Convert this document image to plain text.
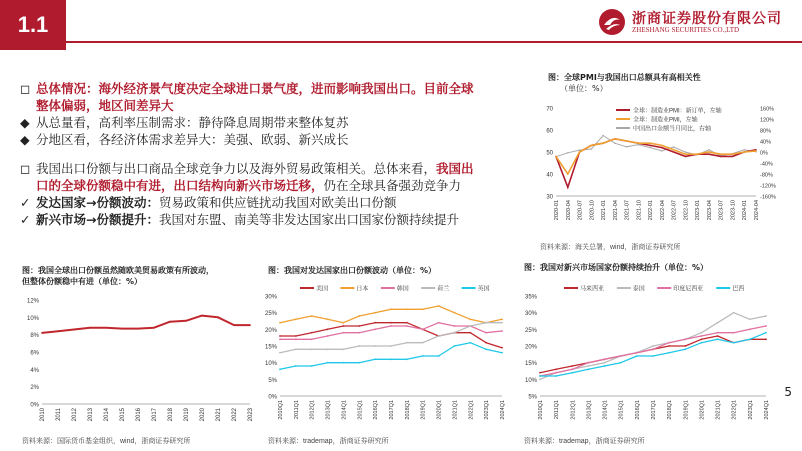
1.1	浙商证券股份有限公司
ZHESHANG SECURITIES CO.,LTD
◻ 总体情况：海外经济景气度决定全球进口景气度，进而影响我国出口。目前全球
整体偏弱，地区间差异大
◆ 从总量看，高利率压制需求：静待降息周期带来整体复苏
◆ 分地区看，各经济体需求差异大：美强、欧弱、新兴成长
◻ 我国出口份额与出口商品全球竞争力以及海外贸易政策相关。总体来看，我国出
口的全球份额稳中有进，出口结构向新兴市场迁移，仍在全球具备强劲竞争力
✓ 发达国家→份额波动：贸易政策和供应链扰动我国对欧美出口份额
✓ 新兴市场→份额提升：我国对东盟、南美等非发达国家出口国家份额持续提升
图：全球PMI与我国出口总额具有高相关性
（单位：%）
70
60
50
40
30
160%
120%
80%
40%
0%
-40%
-80%
-120%
-160%
2020-01 2020-04 2020-07 2020-10 2021-01 2021-04 2021-07 2021-10 2022-01 2022-04 2022-07 2022-10 2023-01 2023-04 2023-07 2023-10 2024-01 2024-04
全球：制造业PMI：新订单，左轴
全球：制造业PMI，左轴
中国出口金额当月同比，右轴
资料来源：海关总署，wind，浙商证券研究所
图：我国全球出口份额虽然随欧美贸易政策有所波动，
但整体份额稳中有进（单位：%）
12%
10%
8%
6%
4%
2%
0%
2010 2011 2012 2013 2014 2015 2016 2017 2018 2019 2020 2021 2022 2023
资料来源：国际货币基金组织，wind，浙商证券研究所
图：我国对发达国家出口份额波动（单位：%）
30%
25%
20%
15%
10%
5%
0%
2010Q1 2011Q1 2012Q1 2013Q1 2014Q1 2015Q1 2016Q1 2017Q1 2018Q1 2019Q1 2020Q1 2021Q1 2022Q1 2023Q1 2024Q1
美国	日本	韩国	荷兰	英国
资料来源：trademap，浙商证券研究所
图：我国对新兴市场国家份额持续抬升（单位：%）
35%
30%
25%
20%
15%
10%
5%
2010Q1 2011Q1 2012Q1 2013Q1 2014Q1 2015Q1 2016Q1 2017Q1 2018Q1 2019Q1 2020Q1 2021Q1 2022Q1 2023Q1 2024Q1
马来西亚	泰国	印度尼西亚	巴西
资料来源：trademap，浙商证券研究所
5
